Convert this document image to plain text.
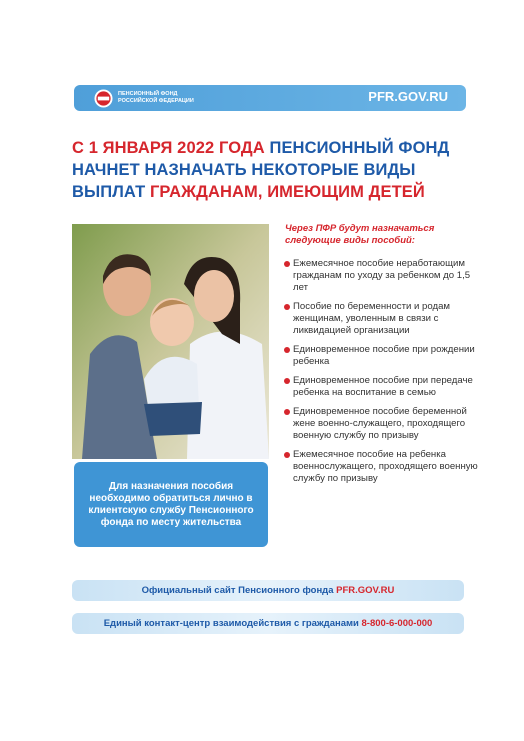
ПЕНСИОННЫЙ ФОНД
РОССИЙСКОЙ ФЕДЕРАЦИИ	PFR.GOV.RU
С 1 ЯНВАРЯ 2022 ГОДА ПЕНСИОННЫЙ ФОНД НАЧНЕТ НАЗНАЧАТЬ НЕКОТОРЫЕ ВИДЫ ВЫПЛАТ ГРАЖДАНАМ, ИМЕЮЩИМ ДЕТЕЙ
Для назначения пособия необходимо обратиться лично в клиентскую службу Пенсионного фонда по месту жительства
Через ПФР будут назначаться следующие виды пособий:
Ежемесячное пособие неработающим гражданам по уходу за ребенком до 1,5 лет
Пособие по беременности и родам женщинам, уволенным в связи с ликвидацией организации
Единовременное пособие при рождении ребенка
Единовременное пособие при передаче ребенка на воспитание в семью
Единовременное пособие беременной жене военно-служащего, проходящего военную службу по призыву
Ежемесячное пособие на ребенка военнослужащего, проходящего военную службу по призыву
Официальный сайт Пенсионного фонда PFR.GOV.RU
Единый контакт-центр взаимодействия с гражданами 8-800-6-000-000
